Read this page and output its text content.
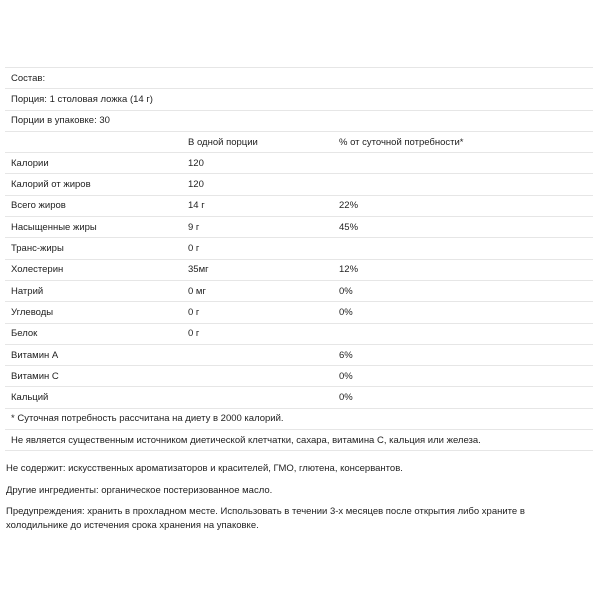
Состав:		
Порция: 1 столовая ложка (14 г)		
Порции в упаковке: 30		
	В одной порции	% от суточной потребности*
Калории	120	
Калорий от жиров	120	
Всего жиров	14 г	22%
Насыщенные жиры	9 г	45%
Транс-жиры	0 г	
Холестерин	35мг	12%
Натрий	0 мг	0%
Углеводы	0 г	0%
Белок	0 г	
Витамин А		6%
Витамин С		0%
Кальций		0%
* Суточная потребность рассчитана на диету в 2000 калорий.		
Не является существенным источником диетической клетчатки, сахара, витамина С, кальция или железа.		
Не содержит: искусственных ароматизаторов и красителей, ГМО, глютена, консервантов.
Другие ингредиенты: органическое постеризованное масло.
Предупреждения: хранить в прохладном месте. Использовать в течении 3-х месяцев после открытия либо храните в холодильнике до истечения срока хранения на упаковке.
